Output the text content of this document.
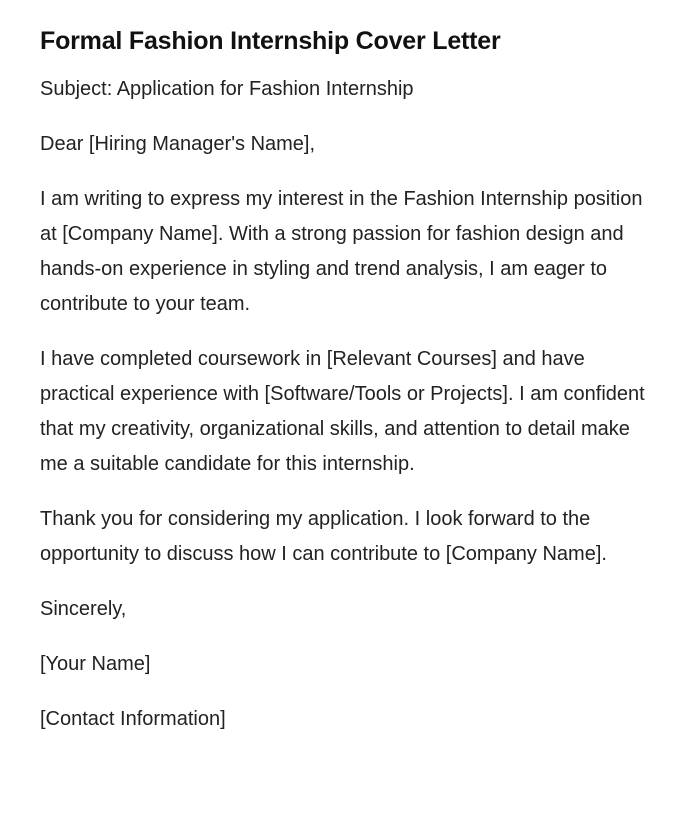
Formal Fashion Internship Cover Letter

Subject: Application for Fashion Internship

Dear [Hiring Manager's Name],

I am writing to express my interest in the Fashion Internship position at [Company Name]. With a strong passion for fashion design and hands-on experience in styling and trend analysis, I am eager to contribute to your team.

I have completed coursework in [Relevant Courses] and have practical experience with [Software/Tools or Projects]. I am confident that my creativity, organizational skills, and attention to detail make me a suitable candidate for this internship.

Thank you for considering my application. I look forward to the opportunity to discuss how I can contribute to [Company Name].

Sincerely,

[Your Name]

[Contact Information]
